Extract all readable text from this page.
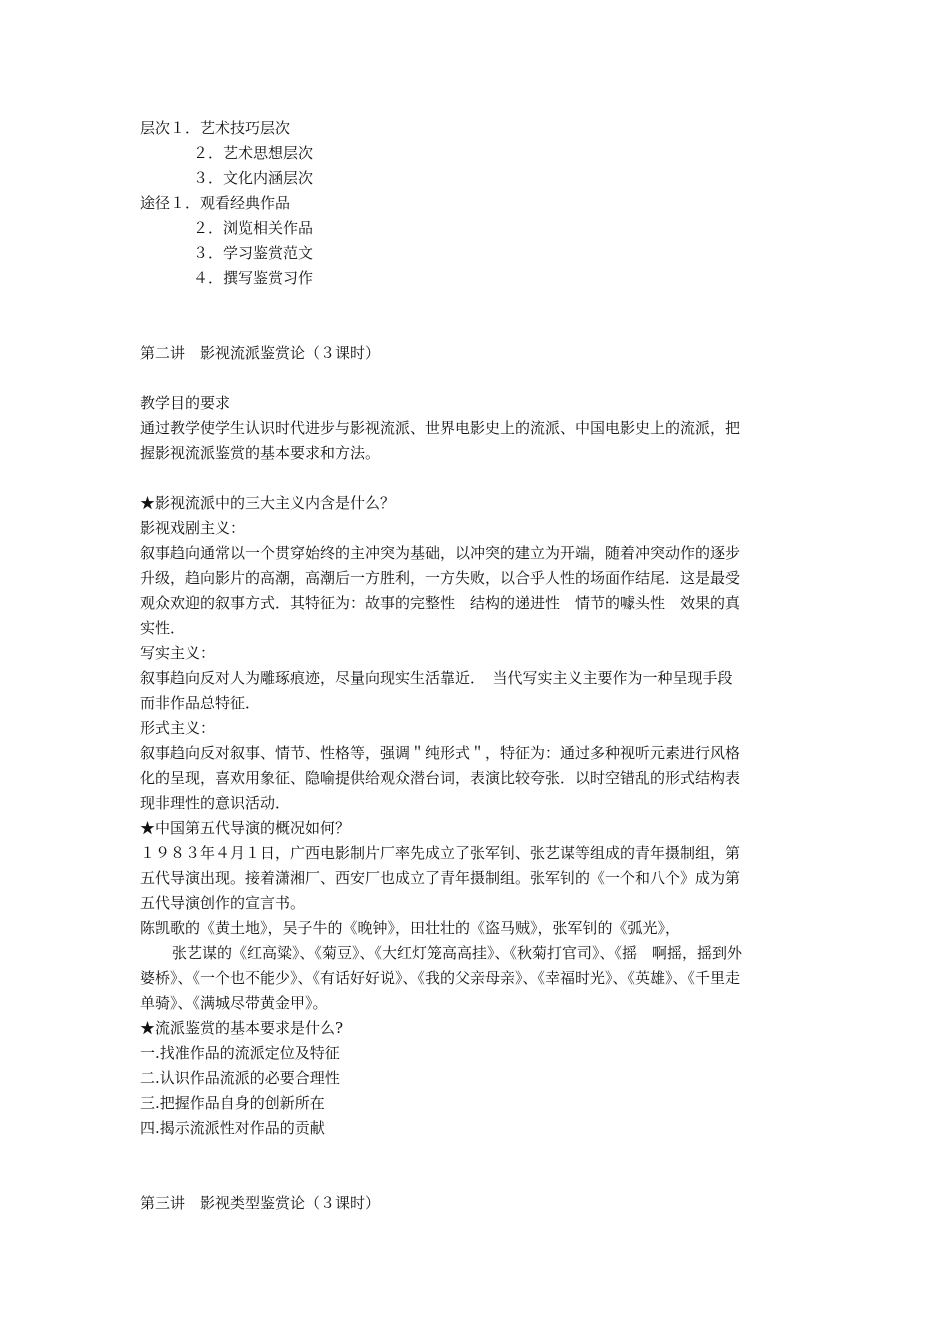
层次１．艺术技巧层次
２．艺术思想层次
３．文化内涵层次
途径１．观看经典作品
２．浏览相关作品
３．学习鉴赏范文
４．撰写鉴赏习作
第二讲　影视流派鉴赏论（３课时）
教学目的要求
通过教学使学生认识时代进步与影视流派、世界电影史上的流派、中国电影史上的流派，把
握影视流派鉴赏的基本要求和方法。
★影视流派中的三大主义内含是什么？
影视戏剧主义：
叙事趋向通常以一个贯穿始终的主冲突为基础，以冲突的建立为开端，随着冲突动作的逐步
升级，趋向影片的高潮，高潮后一方胜利，一方失败，以合乎人性的场面作结尾．这是最受
观众欢迎的叙事方式．其特征为：故事的完整性　结构的递进性　情节的噱头性　效果的真
实性．
写实主义：
叙事趋向反对人为雕琢痕迹，尽量向现实生活靠近．　当代写实主义主要作为一种呈现手段
而非作品总特征．
形式主义：
叙事趋向反对叙事、情节、性格等，强调＂纯形式＂，特征为：通过多种视听元素进行风格
化的呈现，喜欢用象征、隐喻提供给观众潜台词，表演比较夸张．以时空错乱的形式结构表
现非理性的意识活动．
★中国第五代导演的概况如何？
１９８３年４月１日，广西电影制片厂率先成立了张军钊、张艺谋等组成的青年摄制组，第
五代导演出现。接着潇湘厂、西安厂也成立了青年摄制组。张军钊的《一个和八个》成为第
五代导演创作的宣言书。
陈凯歌的《黄土地》，吴子牛的《晚钟》，田壮壮的《盗马贼》，张军钊的《弧光》，
张艺谋的《红高粱》、《菊豆》、《大红灯笼高高挂》、《秋菊打官司》、《摇　啊摇，摇到外
婆桥》、《一个也不能少》、《有话好好说》、《我的父亲母亲》、《幸福时光》、《英雄》、《千里走
单骑》、《满城尽带黄金甲》。
★流派鉴赏的基本要求是什么?
一.找准作品的流派定位及特征
二.认识作品流派的必要合理性
三.把握作品自身的创新所在
四.揭示流派性对作品的贡献
第三讲　影视类型鉴赏论（３课时）
